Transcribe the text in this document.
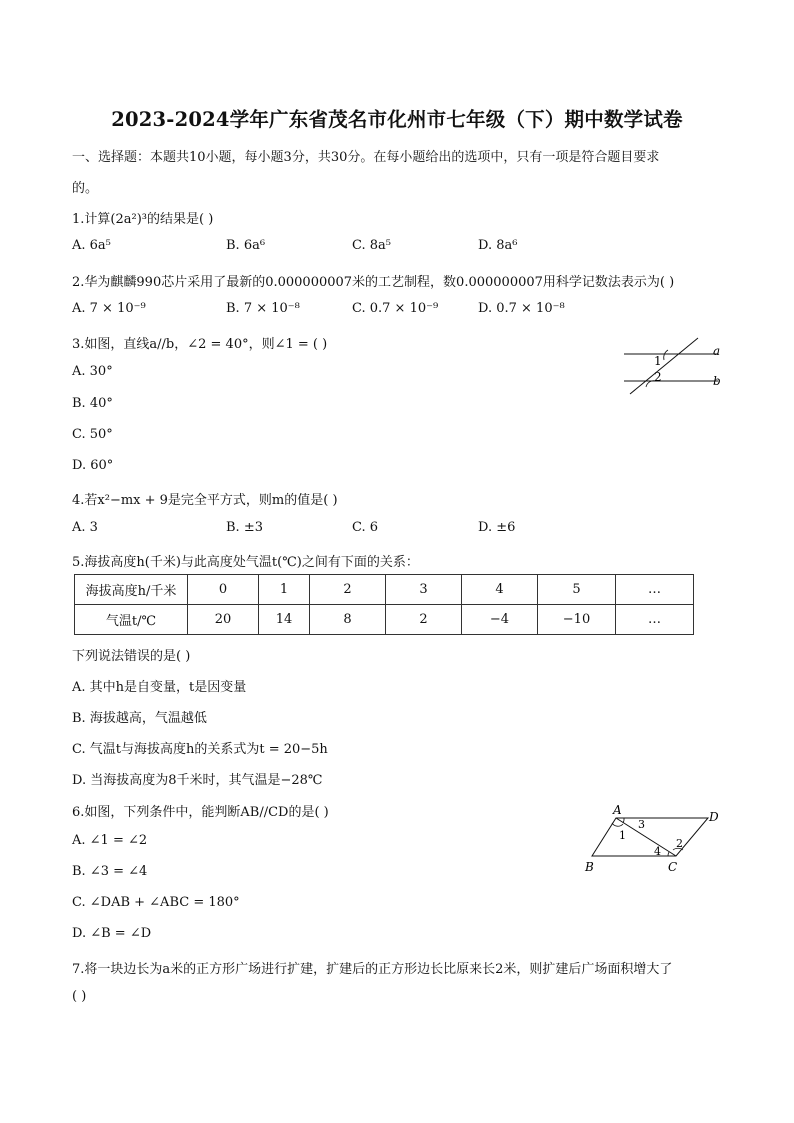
2023-2024学年广东省茂名市化州市七年级（下）期中数学试卷
一、选择题：本题共10小题，每小题3分，共30分。在每小题给出的选项中，只有一项是符合题目要求
的。
1.计算(2a²)³的结果是( )
A. 6a⁵	B. 6a⁶	C. 8a⁵	D. 8a⁶
2.华为麒麟990芯片采用了最新的0.000000007米的工艺制程，数0.000000007用科学记数法表示为( )
A. 7 × 10⁻⁹	B. 7 × 10⁻⁸	C. 0.7 × 10⁻⁹	D. 0.7 × 10⁻⁸
3.如图，直线a//b，∠2 = 40°，则∠1 = ( )
A. 30°
B. 40°
C. 50°
D. 60°
1
2
a
b
4.若x²−mx + 9是完全平方式，则m的值是( )
A. 3	B. ±3	C. 6	D. ±6
5.海拔高度h(千米)与此高度处气温t(℃)之间有下面的关系：
海拔高度h/千米	0	1	2	3	4	5	…
气温t/℃	20	14	8	2	−4	−10	…
下列说法错误的是( )
A. 其中h是自变量，t是因变量
B. 海拔越高，气温越低
C. 气温t与海拔高度h的关系式为t = 20−5h
D. 当海拔高度为8千米时，其气温是−28℃
6.如图，下列条件中，能判断AB//CD的是( )
A. ∠1 = ∠2
B. ∠3 = ∠4
C. ∠DAB + ∠ABC = 180°
D. ∠B = ∠D
A
B	C
D
1
2
3
4
7.将一块边长为a米的正方形广场进行扩建，扩建后的正方形边长比原来长2米，则扩建后广场面积增大了
( )
